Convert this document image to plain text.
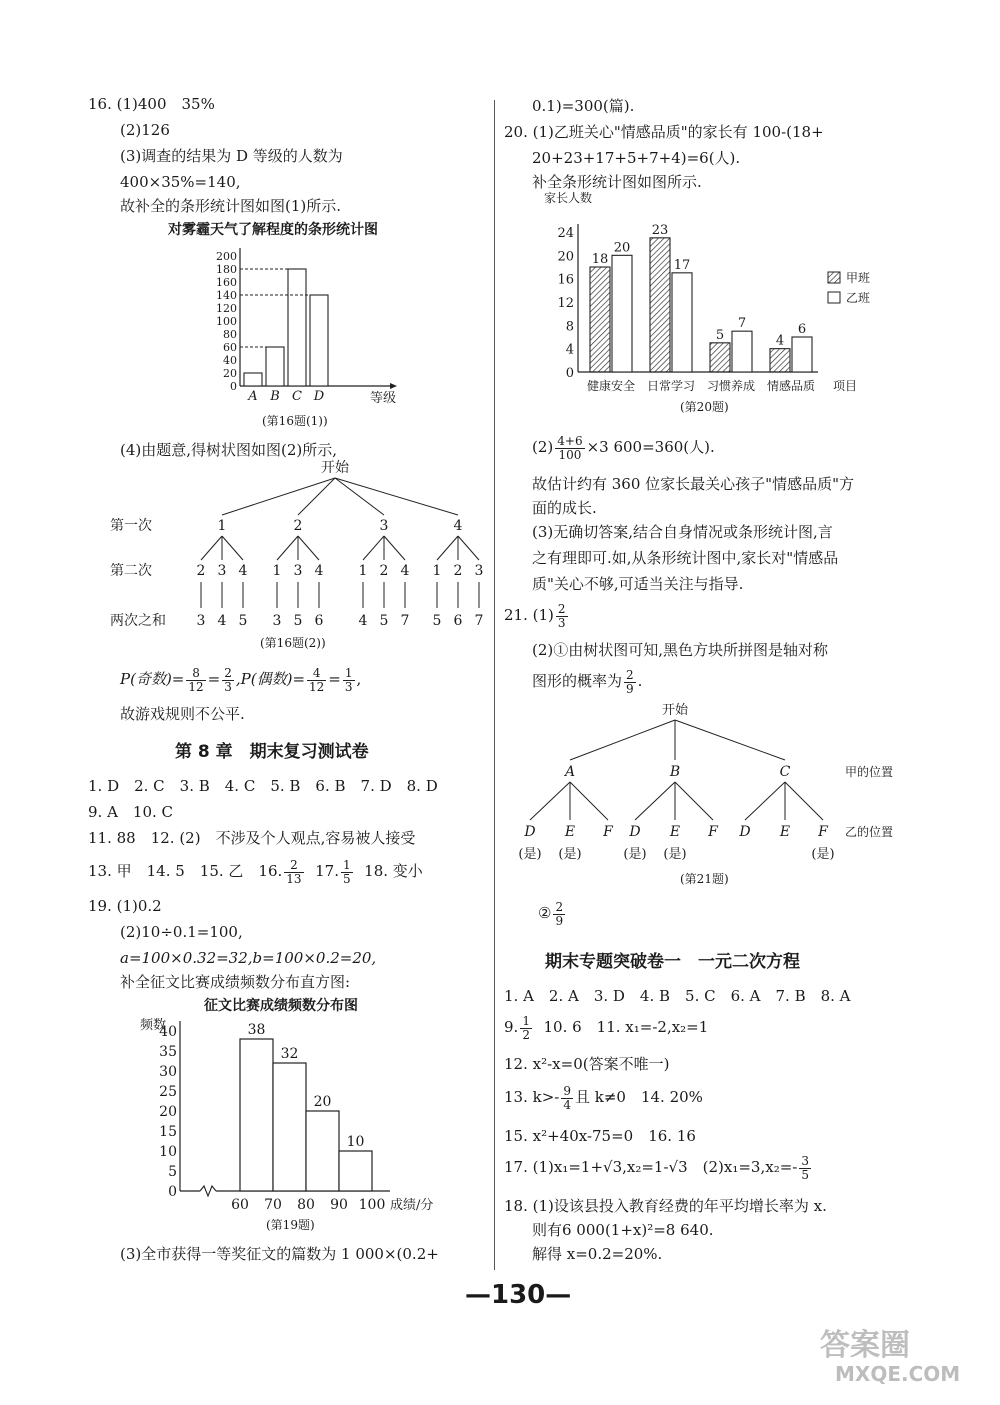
16. (1)400　35%
(2)126
(3)调查的结果为 D 等级的人数为
400×35%=140,
故补全的条形统计图如图(1)所示.
对雾霾天气了解程度的条形统计图
0
20
40
60
80
100
120
140
160
180
200
A B C D	等级
(第16题(1))
(4)由题意,得树状图如图(2)所示,
开始
第一次
第二次
两次之和
1
2
3
3
4
4
5
2
1
3
3
5
4
6
3
1
4
2
5
4
7
4
1
5
2
6
3
7
(第16题(2))
P(奇数)= $\frac{8}{12} = \frac{2}{3} ,P$(偶数)= $\frac{4}{12} = \frac{1}{3}$ ,
故游戏规则不公平.
第 8 章　期末复习测试卷
1. D　2. C　3. B　4. C　5. B　6. B　7. D　8. D
9. A　10. C
11. 88　12. (2)　不涉及个人观点,容易被人接受
13. 甲　14. 5　15. 乙　16. $\frac{2}{13} 17$. $\frac{1}{5} 18$. 变小
19. (1)0.2
(2)10÷0.1=100,
a=100×0.32=32,b=100×0.2=20,
补全征文比赛成绩频数分布直方图:
征文比赛成绩频数分布图
频数
0
5
10
15
20
25
30
35
40	38
32
20
10
60 70 80 90 100 成绩/分
(第19题)
(3)全市获得一等奖征文的篇数为 1 000×(0.2+
0.1)=300(篇).
20. (1)乙班关心"情感品质"的家长有 100-(18+
20+23+17+5+7+4)=6(人).
补全条形统计图如图所示.
家长人数
0
4
8
12
16
20
24
18
20
健康安全
23
17
日常学习
5
7
习惯养成
4
6
情感品质 项目
甲班
乙班
(第20题)
$(2) \frac{4+6}{100} \times 3$ 600=360(人).
故估计约有 360 位家长最关心孩子"情感品质"方
面的成长.
(3)无确切答案,结合自身情况或条形统计图,言
之有理即可.如,从条形统计图中,家长对"情感品
质"关心不够,可适当关注与指导.
21. $(1) \frac{2}{3}$
(2)①由树状图可知,黑色方块所拼图是轴对称
图形的概率为 $\frac{2}{9}$ .
开始
甲的位置
乙的位置
A
D
(是)
E
(是)
F
B
D
(是)
E
(是)
F
C
D E F
(是)
(第21题)
② $\frac{2}{9}$
期末专题突破卷一　一元二次方程
1. A　2. A　3. D　4. B　5. C　6. A　7. B　8. A
9. $\frac{1}{2} 10$. 6　11. x₁=-2,x₂=1
12. x²-x=0(答案不唯一)
13. $k>- \frac{9}{4}$ 且 k≠0　14. 20%
15. x²+40x-75=0　16. 16
17. (1)x₁=1+√3,x₂=1-√3　$(2)x_1=3,x_2=- \frac{3}{5}$
18. (1)设该县投入教育经费的年平均增长率为 x.
则有6 000(1+x)²=8 640.
解得 x=0.2=20%.
—130—
答案圈
MXQE.COM
